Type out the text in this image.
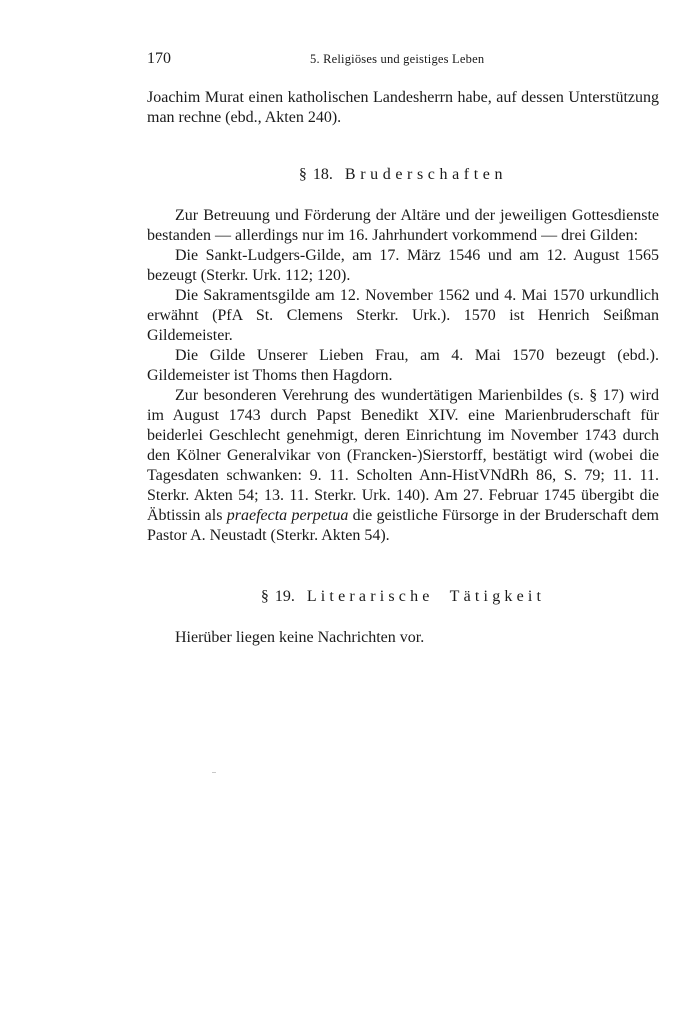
170	5. Religiöses und geistiges Leben

Joachim Murat einen katholischen Landesherrn habe, auf dessen Unterstützung man rechne (ebd., Akten 240).

§ 18. Bruderschaften

Zur Betreuung und Förderung der Altäre und der jeweiligen Gottesdienste bestanden — allerdings nur im 16. Jahrhundert vorkommend — drei Gilden:

Die Sankt-Ludgers-Gilde, am 17. März 1546 und am 12. August 1565 bezeugt (Sterkr. Urk. 112; 120).

Die Sakramentsgilde am 12. November 1562 und 4. Mai 1570 urkundlich erwähnt (PfA St. Clemens Sterkr. Urk.). 1570 ist Henrich Seißman Gildemeister.

Die Gilde Unserer Lieben Frau, am 4. Mai 1570 bezeugt (ebd.). Gildemeister ist Thoms then Hagdorn.

Zur besonderen Verehrung des wundertätigen Marienbildes (s. § 17) wird im August 1743 durch Papst Benedikt XIV. eine Marienbruderschaft für beiderlei Geschlecht genehmigt, deren Einrichtung im November 1743 durch den Kölner Generalvikar von (Francken-)Sierstorff, bestätigt wird (wobei die Tagesdaten schwanken: 9. 11. Scholten Ann-HistVNdRh 86, S. 79; 11. 11. Sterkr. Akten 54; 13. 11. Sterkr. Urk. 140). Am 27. Februar 1745 übergibt die Äbtissin als praefecta perpetua die geistliche Fürsorge in der Bruderschaft dem Pastor A. Neustadt (Sterkr. Akten 54).

§ 19. Literarische Tätigkeit

Hierüber liegen keine Nachrichten vor.
